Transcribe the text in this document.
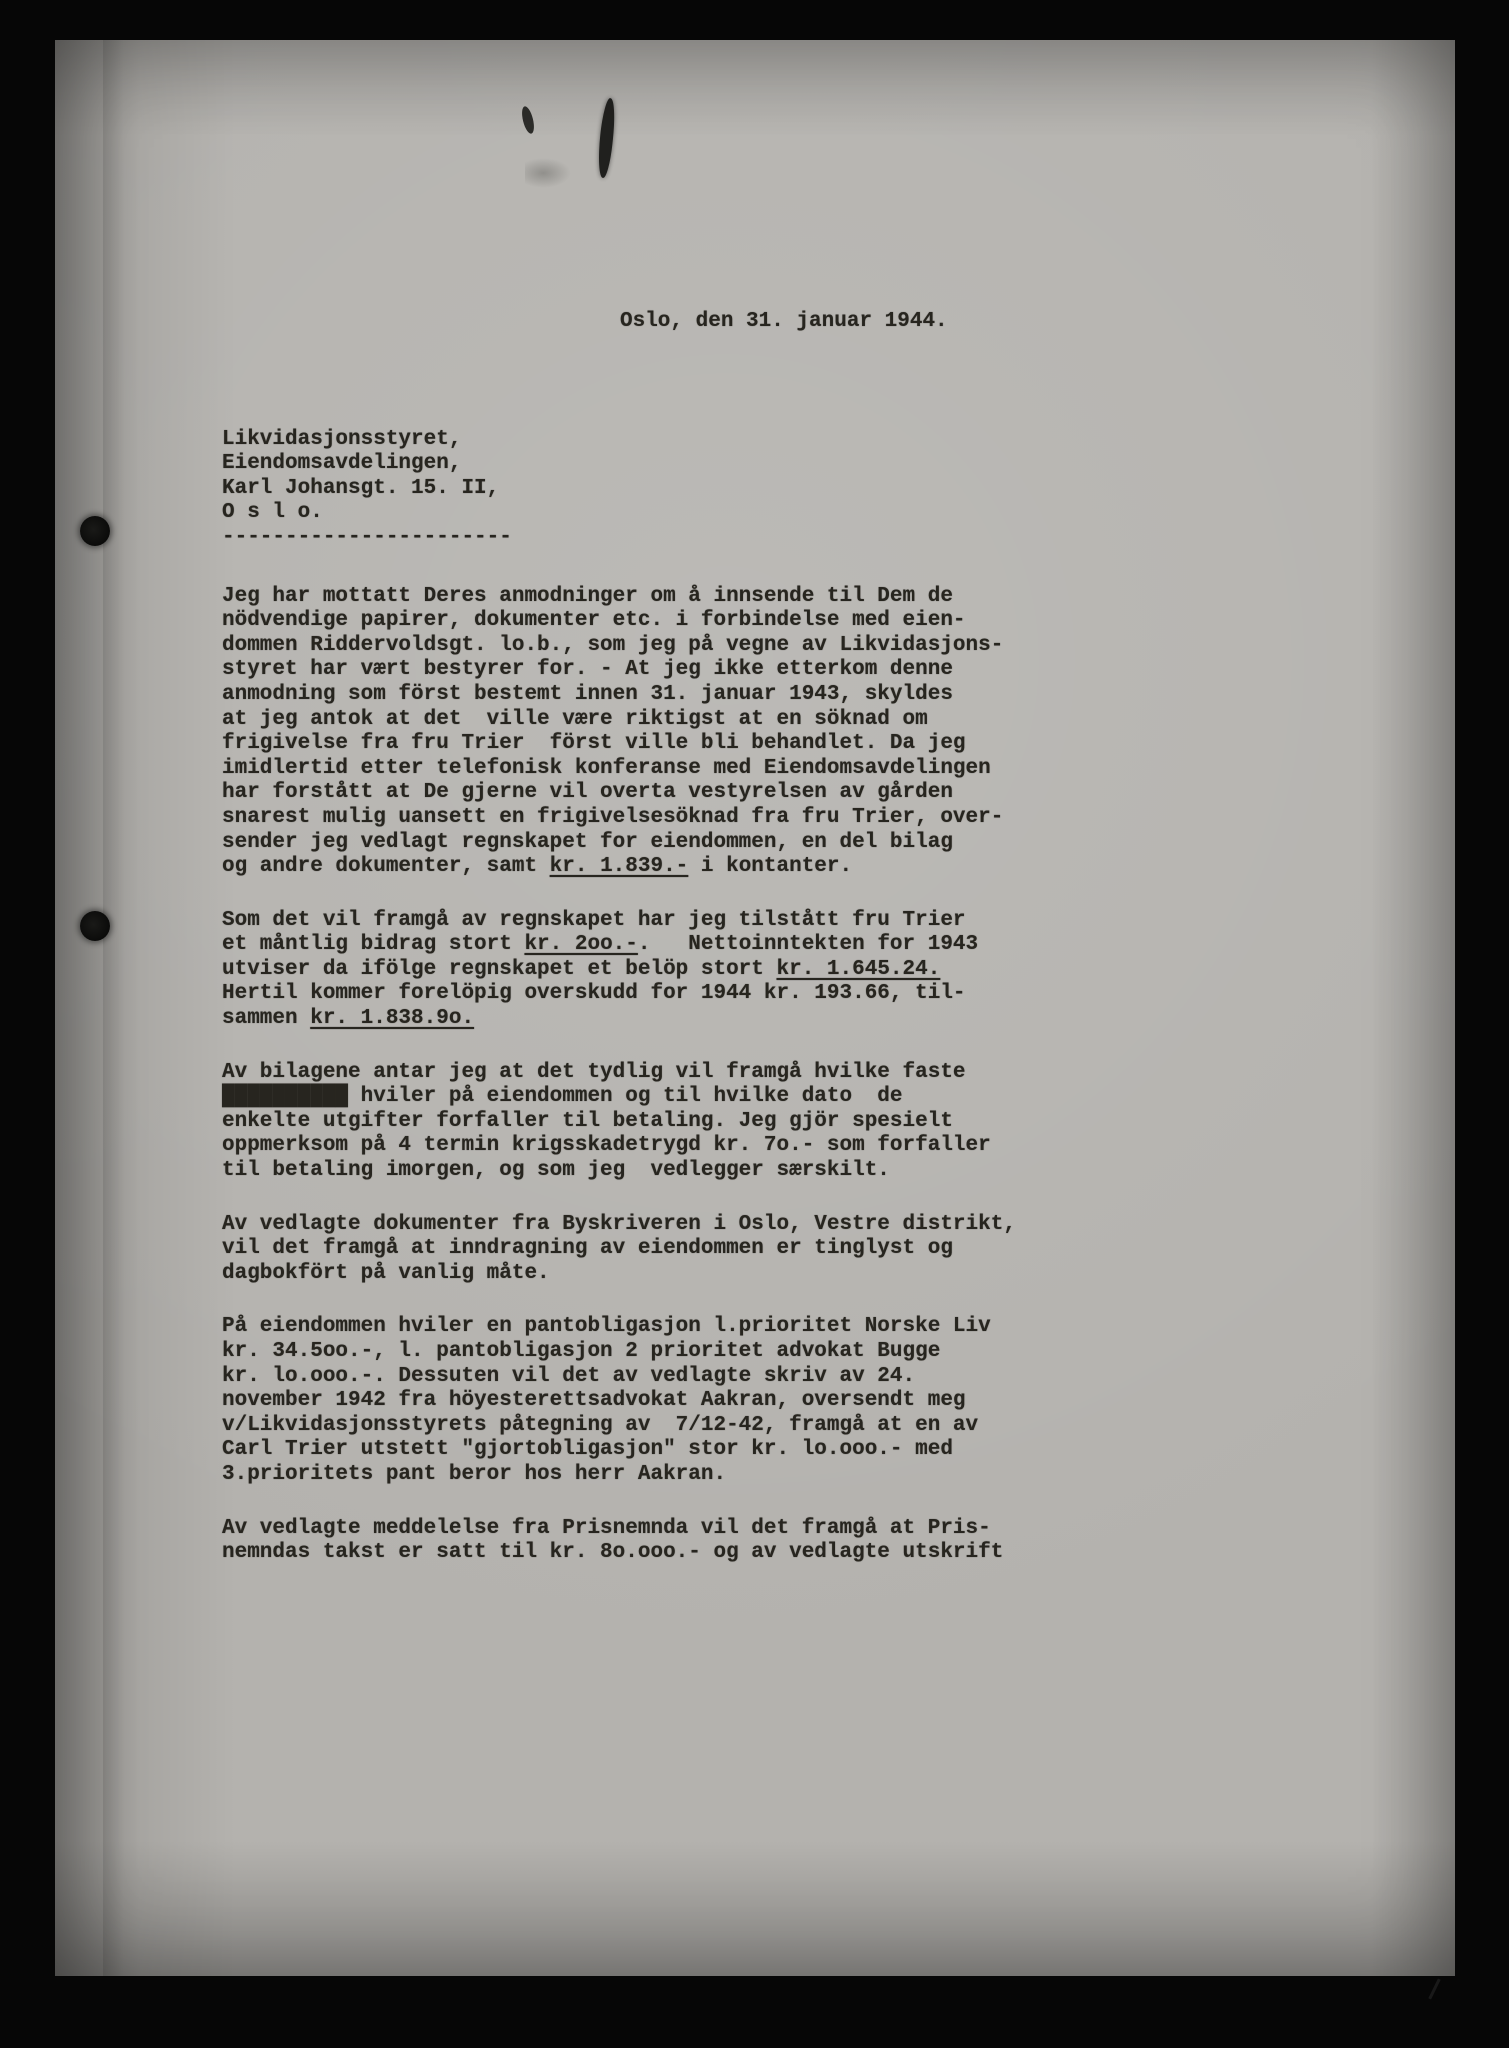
Oslo, den 31. januar 1944.
Likvidasjonsstyret,
Eiendomsavdelingen,
Karl Johansgt. 15. II,
O s l o.
-----------------------

Jeg har mottatt Deres anmodninger om å innsende til Dem de
nödvendige papirer, dokumenter etc. i forbindelse med eien-
dommen Riddervoldsgt. lo.b., som jeg på vegne av Likvidasjons-
styret har vært bestyrer for. - At jeg ikke etterkom denne
anmodning som först bestemt innen 31. januar 1943, skyldes
at jeg antok at det  ville være riktigst at en söknad om
frigivelse fra fru Trier  först ville bli behandlet. Da jeg
imidlertid etter telefonisk konferanse med Eiendomsavdelingen
har forstått at De gjerne vil overta vestyrelsen av gården
snarest mulig uansett en frigivelsesöknad fra fru Trier, over-
sender jeg vedlagt regnskapet for eiendommen, en del bilag
og andre dokumenter, samt kr. 1.839.- i kontanter.

Som det vil framgå av regnskapet har jeg tilstått fru Trier
et måntlig bidrag stort kr. 2oo.-.   Nettoinntekten for 1943
utviser da ifölge regnskapet et belöp stort kr. 1.645.24.
Hertil kommer forelöpig overskudd for 1944 kr. 193.66, til-
sammen kr. 1.838.9o.

Av bilagene antar jeg at det tydlig vil framgå hvilke faste
██████████ hviler på eiendommen og til hvilke dato  de
enkelte utgifter forfaller til betaling. Jeg gjör spesielt
oppmerksom på 4 termin krigsskadetrygd kr. 7o.- som forfaller
til betaling imorgen, og som jeg  vedlegger særskilt.

Av vedlagte dokumenter fra Byskriveren i Oslo, Vestre distrikt,
vil det framgå at inndragning av eiendommen er tinglyst og
dagbokfört på vanlig måte.

På eiendommen hviler en pantobligasjon l.prioritet Norske Liv
kr. 34.5oo.-, l. pantobligasjon 2 prioritet advokat Bugge
kr. lo.ooo.-. Dessuten vil det av vedlagte skriv av 24.
november 1942 fra höyesterettsadvokat Aakran, oversendt meg
v/Likvidasjonsstyrets påtegning av  7/12-42, framgå at en av
Carl Trier utstett "gjortobligasjon" stor kr. lo.ooo.- med
3.prioritets pant beror hos herr Aakran.

Av vedlagte meddelelse fra Prisnemnda vil det framgå at Pris-
nemndas takst er satt til kr. 8o.ooo.- og av vedlagte utskrift
